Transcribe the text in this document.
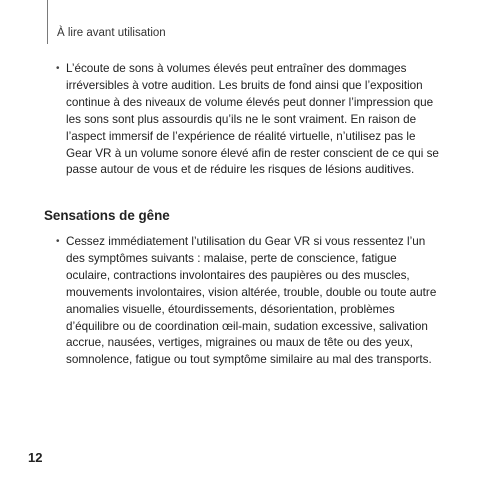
À lire avant utilisation
• L’écoute de sons à volumes élevés peut entraîner des dommages irréversibles à votre audition. Les bruits de fond ainsi que l’exposition continue à des niveaux de volume élevés peut donner l’impression que les sons sont plus assourdis qu’ils ne le sont vraiment. En raison de l’aspect immersif de l’expérience de réalité virtuelle, n’utilisez pas le Gear VR à un volume sonore élevé afin de rester conscient de ce qui se passe autour de vous et de réduire les risques de lésions auditives.
Sensations de gêne
• Cessez immédiatement l’utilisation du Gear VR si vous ressentez l’un des symptômes suivants : malaise, perte de conscience, fatigue oculaire, contractions involontaires des paupières ou des muscles, mouvements involontaires, vision altérée, trouble, double ou toute autre anomalies visuelle, étourdissements, désorientation, problèmes d’équilibre ou de coordination œil-main, sudation excessive, salivation accrue, nausées, vertiges, migraines ou maux de tête ou des yeux, somnolence, fatigue ou tout symptôme similaire au mal des transports.
12
